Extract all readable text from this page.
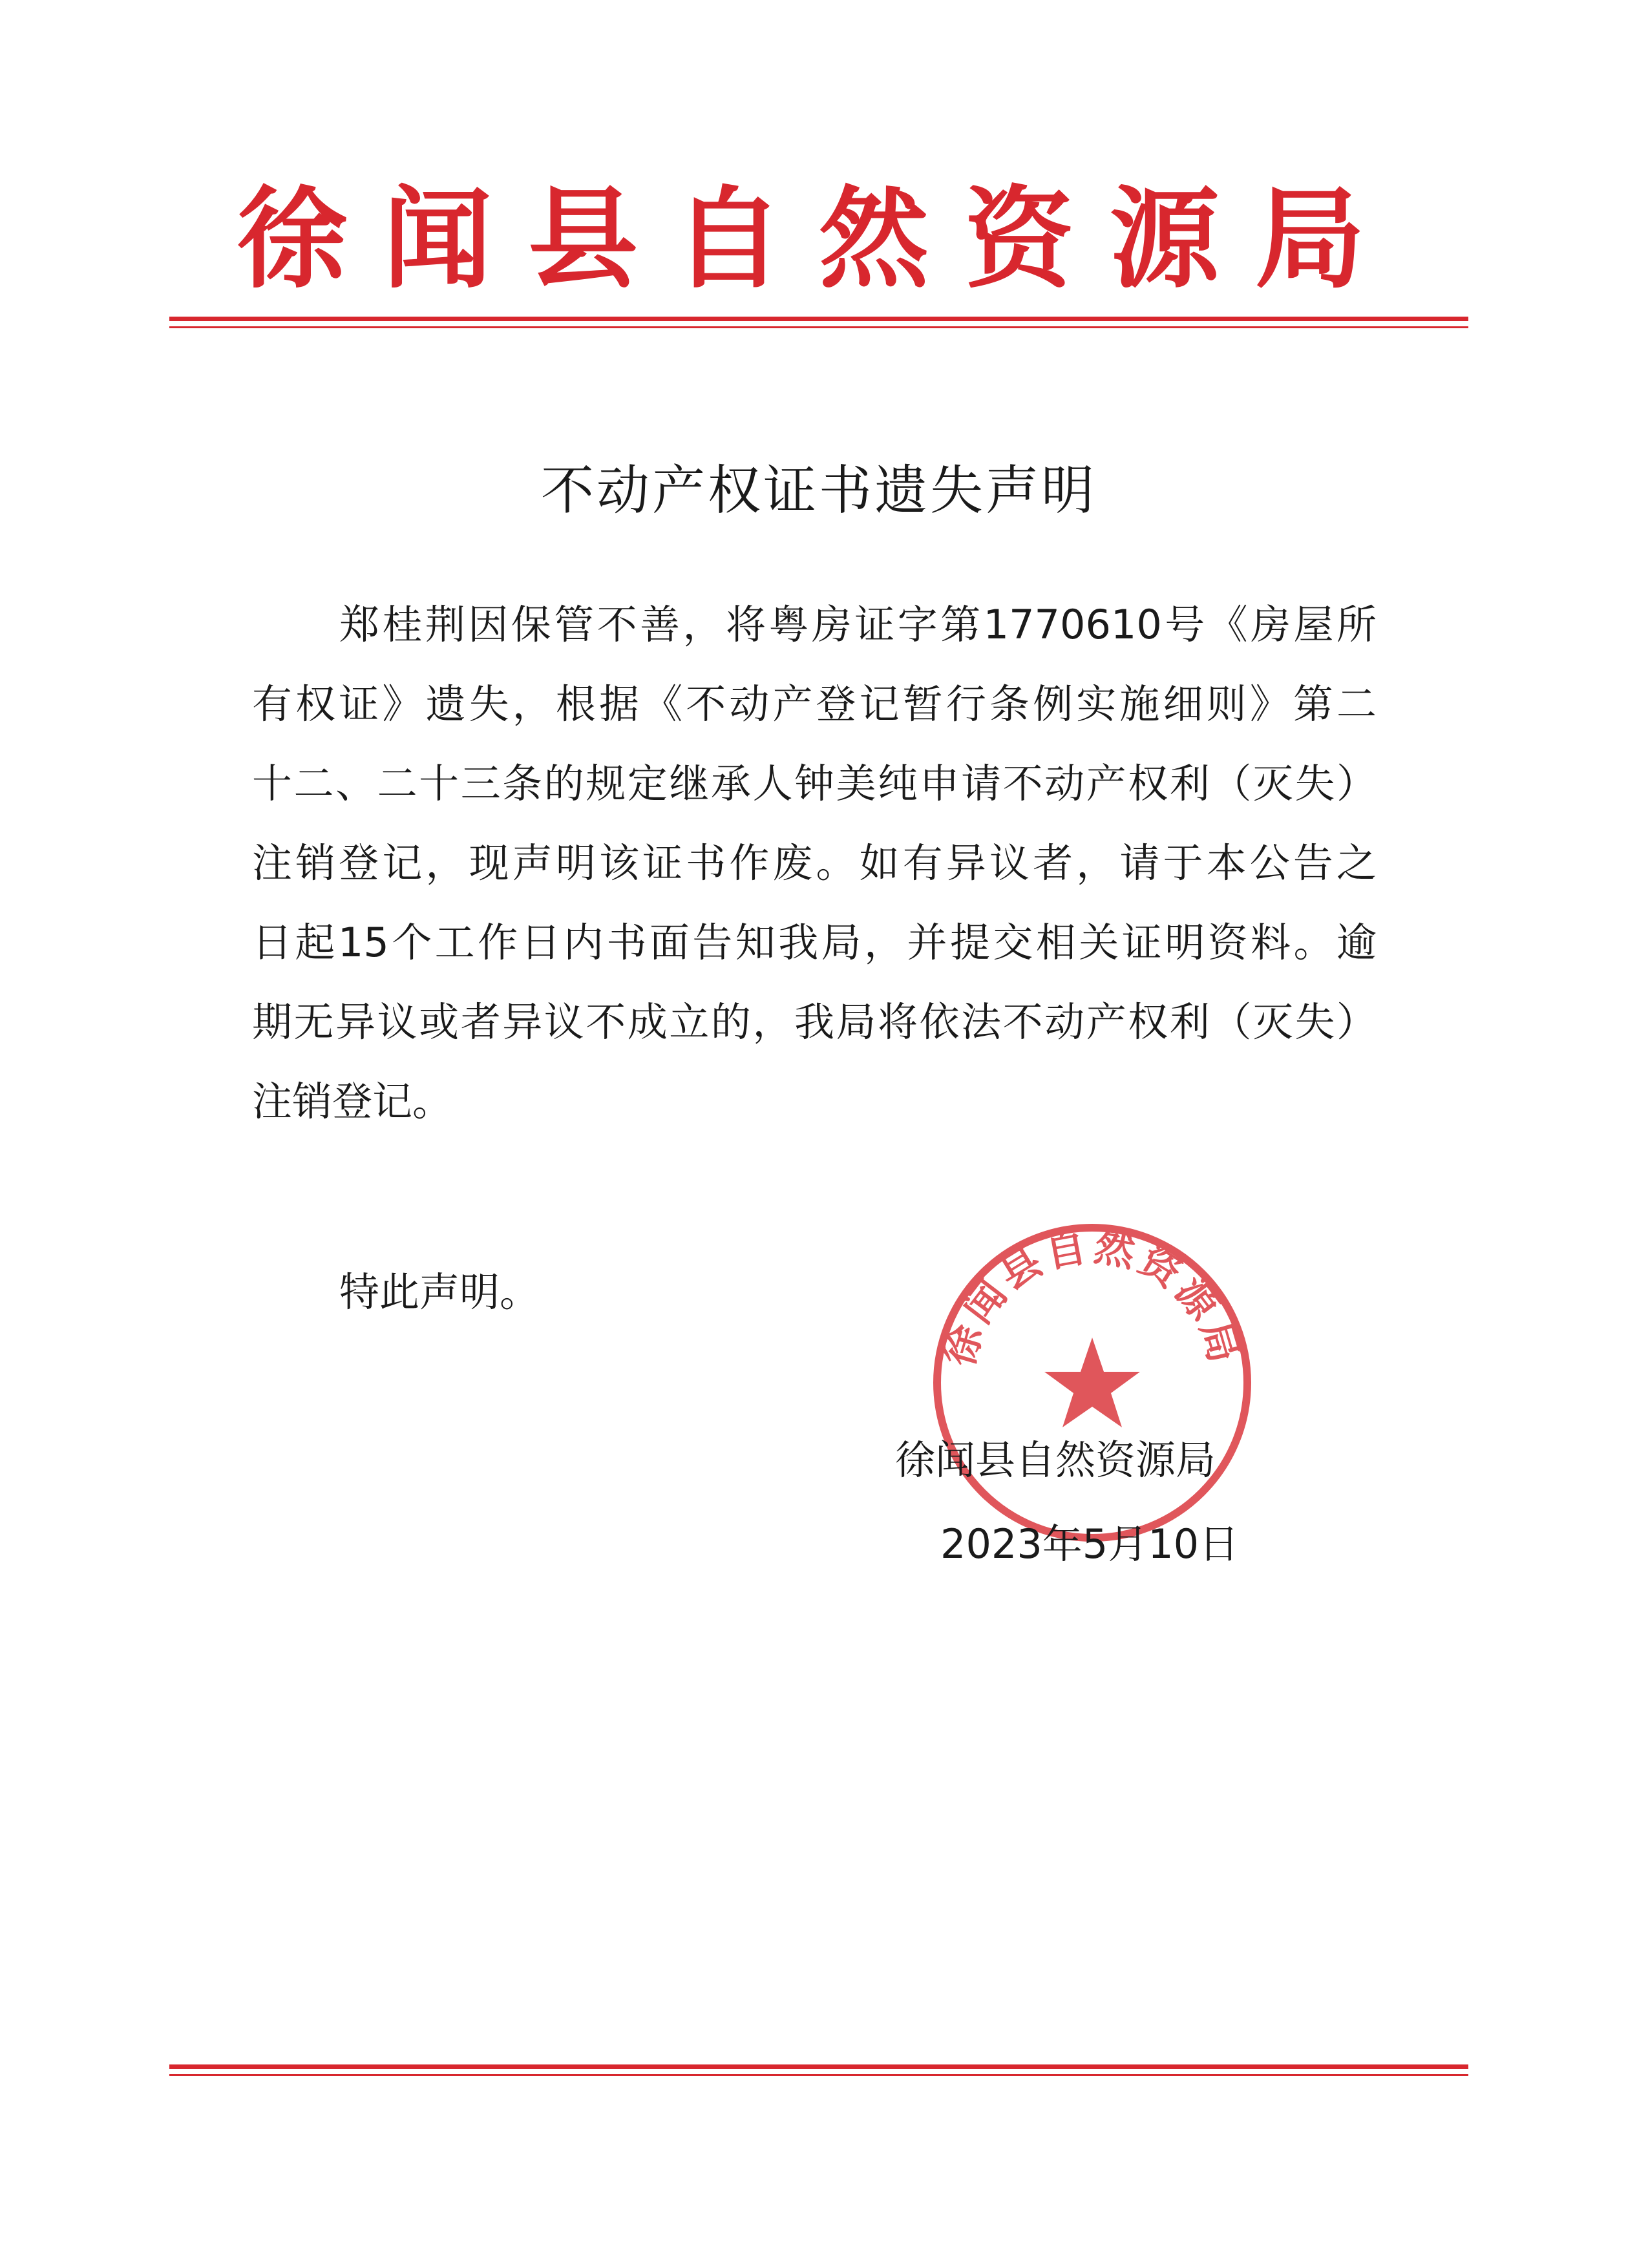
徐闻县自然资源局
不动产权证书遗失声明
郑桂荆因保管不善，将粤房证字第1770610号《房屋所
有权证》遗失，根据《不动产登记暂行条例实施细则》第二
十二、二十三条的规定继承人钟美纯申请不动产权利（灭失）
注销登记，现声明该证书作废。如有异议者，请于本公告之
日起15个工作日内书面告知我局，并提交相关证明资料。逾
期无异议或者异议不成立的，我局将依法不动产权利（灭失）
注销登记。
特此声明。
徐闻县自然资源局
徐闻县自然资源局
2023年5月10日
